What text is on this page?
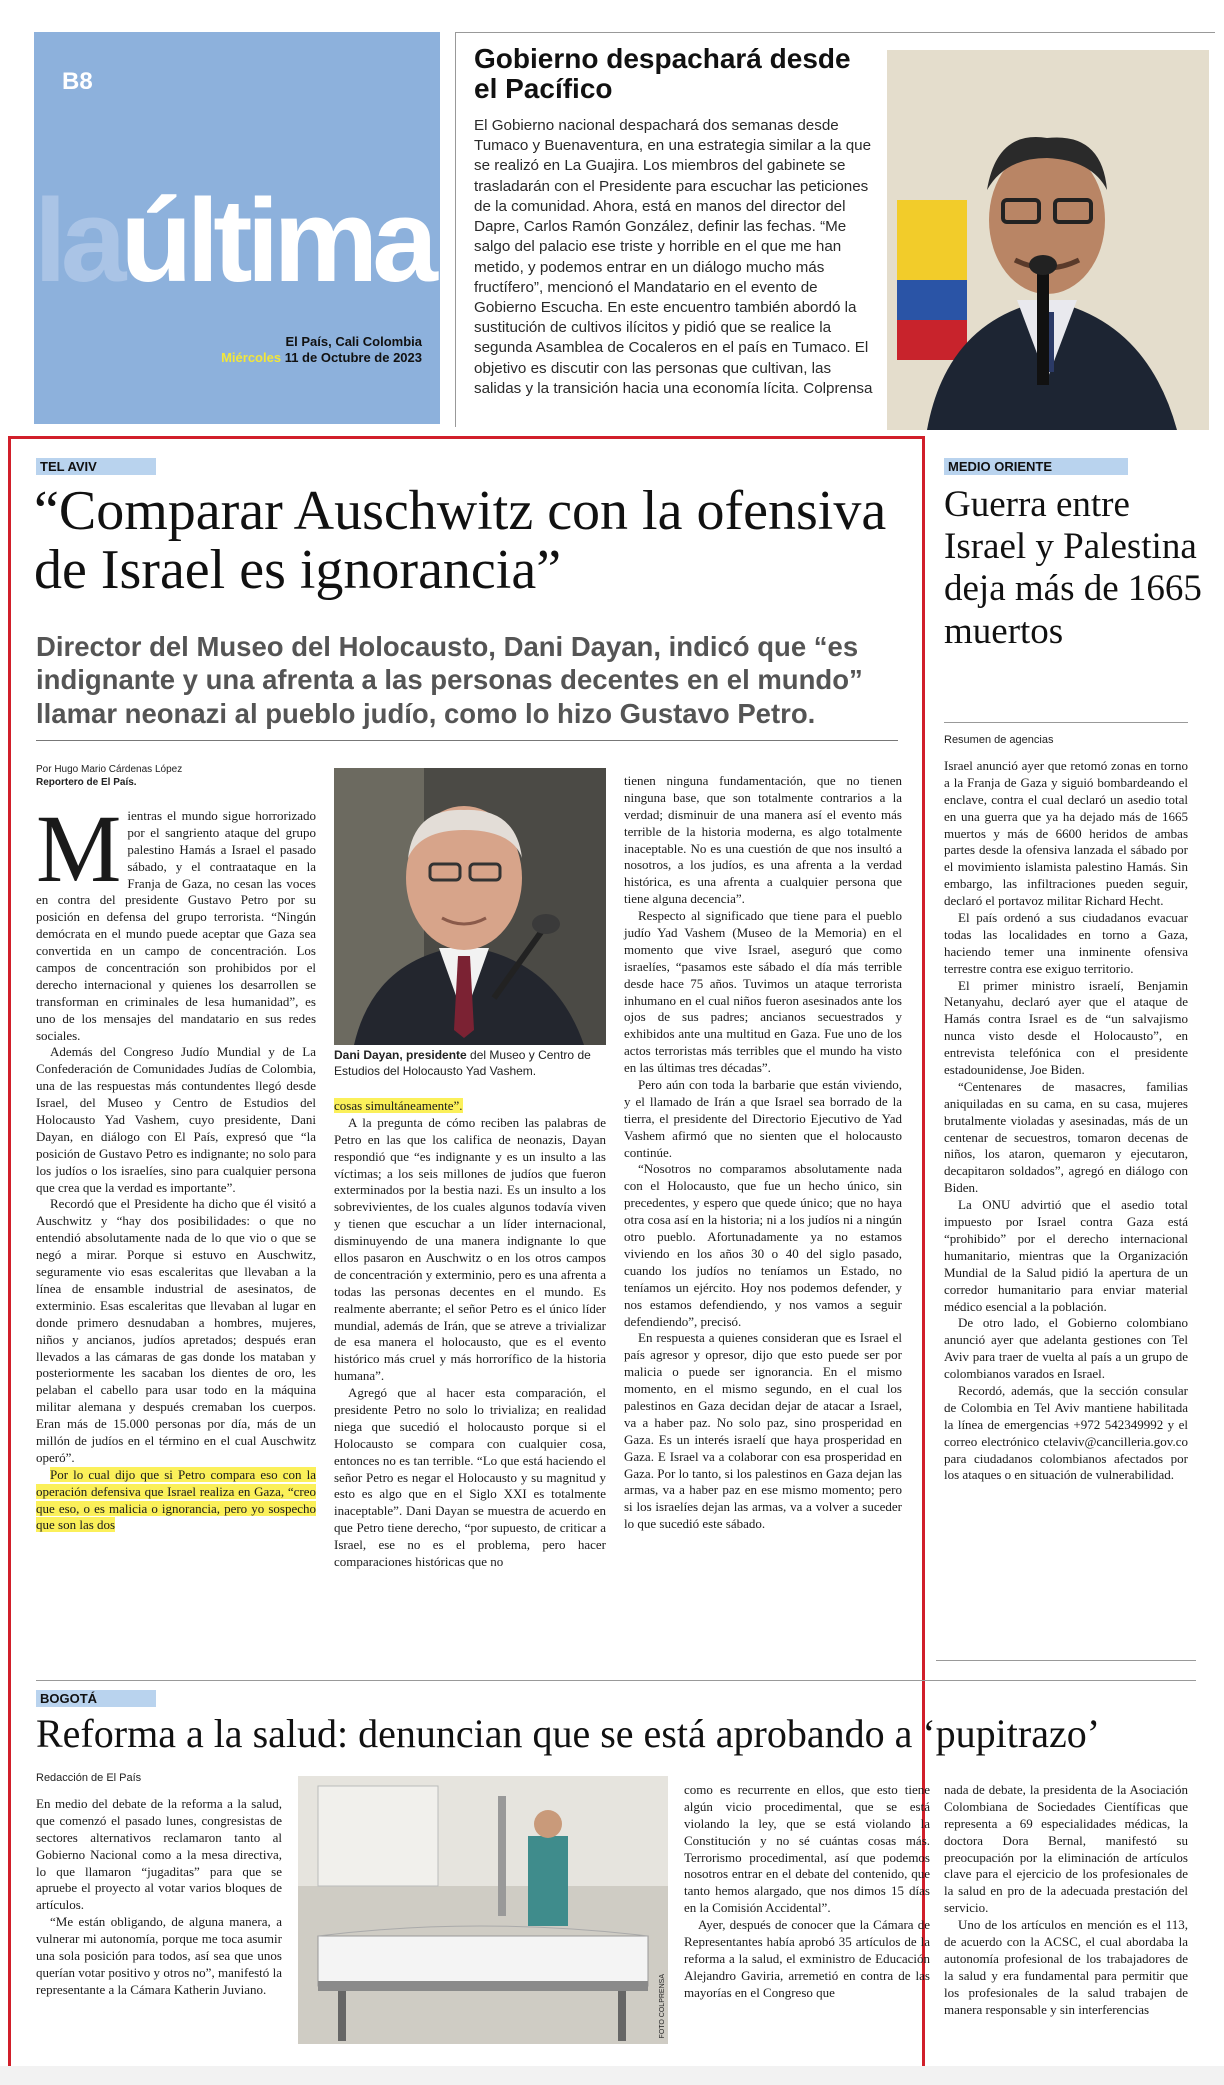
B8
laúltima
El País, Cali Colombia
Miércoles 11 de Octubre de 2023
Gobierno despachará desde el Pacífico
El Gobierno nacional despachará dos semanas desde Tumaco y Buenaventura, en una estrategia similar a la que se realizó en La Guajira. Los miembros del gabinete se trasladarán con el Presidente para escuchar las peticiones de la comunidad. Ahora, está en manos del director del Dapre, Carlos Ramón González, definir las fechas. “Me salgo del palacio ese triste y horrible en el que me han metido, y podemos entrar en un diálogo mucho más fructífero”, mencionó el Mandatario en el evento de Gobierno Escucha. En este encuentro también abordó la sustitución de cultivos ilícitos y pidió que se realice la segunda Asamblea de Cocaleros en el país en Tumaco. El objetivo es discutir con las personas que cultivan, las salidas y la transición hacia una economía lícita. Colprensa
TEL AVIV
“Comparar Auschwitz con la ofensiva de Israel es ignorancia”
Director del Museo del Holocausto, Dani Dayan, indicó que “es indignante y una afrenta a las personas decentes en el mundo” llamar neonazi al pueblo judío, como lo hizo Gustavo Petro.
Por Hugo Mario Cárdenas López
Reportero de El País.

Mientras el mundo sigue horrorizado por el sangriento ataque del grupo palestino Hamás a Israel el pasado sábado, y el contraataque en la Franja de Gaza, no cesan las voces en contra del presidente Gustavo Petro por su posición en defensa del grupo terrorista. “Ningún demócrata en el mundo puede aceptar que Gaza sea convertida en un campo de concentración. Los campos de concentración son prohibidos por el derecho internacional y quienes los desarrollen se transforman en criminales de lesa humanidad”, es uno de los mensajes del mandatario en sus redes sociales.

Además del Congreso Judío Mundial y de La Confederación de Comunidades Judías de Colombia, una de las respuestas más contundentes llegó desde Israel, del Museo y Centro de Estudios del Holocausto Yad Vashem, cuyo presidente, Dani Dayan, en diálogo con El País, expresó que “la posición de Gustavo Petro es indignante; no solo para los judíos o los israelíes, sino para cualquier persona que crea que la verdad es importante”.

Recordó que el Presidente ha dicho que él visitó a Auschwitz y “hay dos posibilidades: o que no entendió absolutamente nada de lo que vio o que se negó a mirar. Porque si estuvo en Auschwitz, seguramente vio esas escaleritas que llevaban a la línea de ensamble industrial de asesinatos, de exterminio. Esas escaleritas que llevaban al lugar en donde primero desnudaban a hombres, mujeres, niños y ancianos, judíos apretados; después eran llevados a las cámaras de gas donde los mataban y posteriormente les sacaban los dientes de oro, les pelaban el cabello para usar todo en la máquina militar alemana y después cremaban los cuerpos. Eran más de 15.000 personas por día, más de un millón de judíos en el término en el cual Auschwitz operó”.

Por lo cual dijo que si Petro compara eso con la operación defensiva que Israel realiza en Gaza, “creo que eso, o es malicia o ignorancia, pero yo sospecho que son las dos

Dani Dayan, presidente del Museo y Centro de Estudios del Holocausto Yad Vashem.

cosas simultáneamente”.

A la pregunta de cómo reciben las palabras de Petro en las que los califica de neonazis, Dayan respondió que “es indignante y es un insulto a las víctimas; a los seis millones de judíos que fueron exterminados por la bestia nazi. Es un insulto a los sobrevivientes, de los cuales algunos todavía viven y tienen que escuchar a un líder internacional, disminuyendo de una manera indignante lo que ellos pasaron en Auschwitz o en los otros campos de concentración y exterminio, pero es una afrenta a todas las personas decentes en el mundo. Es realmente aberrante; el señor Petro es el único líder mundial, además de Irán, que se atreve a trivializar de esa manera el holocausto, que es el evento histórico más cruel y más horrorífico de la historia humana”.

Agregó que al hacer esta comparación, el presidente Petro no solo lo trivializa; en realidad niega que sucedió el holocausto porque si el Holocausto se compara con cualquier cosa, entonces no es tan terrible. “Lo que está haciendo el señor Petro es negar el Holocausto y su magnitud y esto es algo que en el Siglo XXI es totalmente inaceptable”. Dani Dayan se muestra de acuerdo en que Petro tiene derecho, “por supuesto, de criticar a Israel, ese no es el problema, pero hacer comparaciones históricas que no

tienen ninguna fundamentación, que no tienen ninguna base, que son totalmente contrarios a la verdad; disminuir de una manera así el evento más terrible de la historia moderna, es algo totalmente inaceptable. No es una cuestión de que nos insultó a nosotros, a los judíos, es una afrenta a la verdad histórica, es una afrenta a cualquier persona que tiene alguna decencia”.

Respecto al significado que tiene para el pueblo judío Yad Vashem (Museo de la Memoria) en el momento que vive Israel, aseguró que como israelíes, “pasamos este sábado el día más terrible desde hace 75 años. Tuvimos un ataque terrorista inhumano en el cual niños fueron asesinados ante los ojos de sus padres; ancianos secuestrados y exhibidos ante una multitud en Gaza. Fue uno de los actos terroristas más terribles que el mundo ha visto en las últimas tres décadas”.

Pero aún con toda la barbarie que están viviendo, y el llamado de Irán a que Israel sea borrado de la tierra, el presidente del Directorio Ejecutivo de Yad Vashem afirmó que no sienten que el holocausto continúe.

“Nosotros no comparamos absolutamente nada con el Holocausto, que fue un hecho único, sin precedentes, y espero que quede único; que no haya otra cosa así en la historia; ni a los judíos ni a ningún otro pueblo. Afortunadamente ya no estamos viviendo en los años 30 o 40 del siglo pasado, cuando los judíos no teníamos un Estado, no teníamos un ejército. Hoy nos podemos defender, y nos estamos defendiendo, y nos vamos a seguir defendiendo”, precisó.

En respuesta a quienes consideran que es Israel el país agresor y opresor, dijo que esto puede ser por malicia o puede ser ignorancia. En el mismo momento, en el mismo segundo, en el cual los palestinos en Gaza decidan dejar de atacar a Israel, va a haber paz. No solo paz, sino prosperidad en Gaza. Es un interés israelí que haya prosperidad en Gaza. E Israel va a colaborar con esa prosperidad en Gaza. Por lo tanto, si los palestinos en Gaza dejan las armas, va a haber paz en ese mismo momento; pero si los israelíes dejan las armas, va a volver a suceder lo que sucedió este sábado.

MEDIO ORIENTE
Guerra entre Israel y Palestina deja más de 1665 muertos
Resumen de agencias

Israel anunció ayer que retomó zonas en torno a la Franja de Gaza y siguió bombardeando el enclave, contra el cual declaró un asedio total en una guerra que ya ha dejado más de 1665 muertos y más de 6600 heridos de ambas partes desde la ofensiva lanzada el sábado por el movimiento islamista palestino Hamás. Sin embargo, las infiltraciones pueden seguir, declaró el portavoz militar Richard Hecht.

El país ordenó a sus ciudadanos evacuar todas las localidades en torno a Gaza, haciendo temer una inminente ofensiva terrestre contra ese exiguo territorio.

El primer ministro israelí, Benjamin Netanyahu, declaró ayer que el ataque de Hamás contra Israel es de “un salvajismo nunca visto desde el Holocausto”, en entrevista telefónica con el presidente estadounidense, Joe Biden.

“Centenares de masacres, familias aniquiladas en su cama, en su casa, mujeres brutalmente violadas y asesinadas, más de un centenar de secuestros, tomaron decenas de niños, los ataron, quemaron y ejecutaron, decapitaron soldados”, agregó en diálogo con Biden.

La ONU advirtió que el asedio total impuesto por Israel contra Gaza está “prohibido” por el derecho internacional humanitario, mientras que la Organización Mundial de la Salud pidió la apertura de un corredor humanitario para enviar material médico esencial a la población.

De otro lado, el Gobierno colombiano anunció ayer que adelanta gestiones con Tel Aviv para traer de vuelta al país a un grupo de colombianos varados en Israel.

Recordó, además, que la sección consular de Colombia en Tel Aviv mantiene habilitada la línea de emergencias +972 542349992 y el correo electrónico ctelaviv@cancilleria.gov.co para ciudadanos colombianos afectados por los ataques o en situación de vulnerabilidad.

BOGOTÁ
Reforma a la salud: denuncian que se está aprobando a ‘pupitrazo’
Redacción de El País

En medio del debate de la reforma a la salud, que comenzó el pasado lunes, congresistas de sectores alternativos reclamaron tanto al Gobierno Nacional como a la mesa directiva, lo que llamaron “jugaditas” para que se apruebe el proyecto al votar varios bloques de artículos.

“Me están obligando, de alguna manera, a vulnerar mi autonomía, porque me toca asumir una sola posición para todos, así sea que unos querían votar positivo y otros no”, manifestó la representante a la Cámara Katherin Juviano.	FOTO COLPRENSA

como es recurrente en ellos, que esto tiene algún vicio procedimental, que se está violando la ley, que se está violando la Constitución y no sé cuántas cosas más. Terrorismo procedimental, así que podemos nosotros entrar en el debate del contenido, que tanto hemos alargado, que nos dimos 15 días en la Comisión Accidental”.

Ayer, después de conocer que la Cámara de Representantes había aprobó 35 artículos de la reforma a la salud, el exministro de Educación Alejandro Gaviria, arremetió en contra de las mayorías en el Congreso que

nada de debate, la presidenta de la Asociación Colombiana de Sociedades Científicas que representa a 69 especialidades médicas, la doctora Dora Bernal, manifestó su preocupación por la eliminación de artículos clave para el ejercicio de los profesionales de la salud en pro de la adecuada prestación del servicio.

Uno de los artículos en mención es el 113, de acuerdo con la ACSC, el cual abordaba la autonomía profesional de los trabajadores de la salud y era fundamental para permitir que los profesionales de la salud trabajen de manera responsable y sin interferencias
